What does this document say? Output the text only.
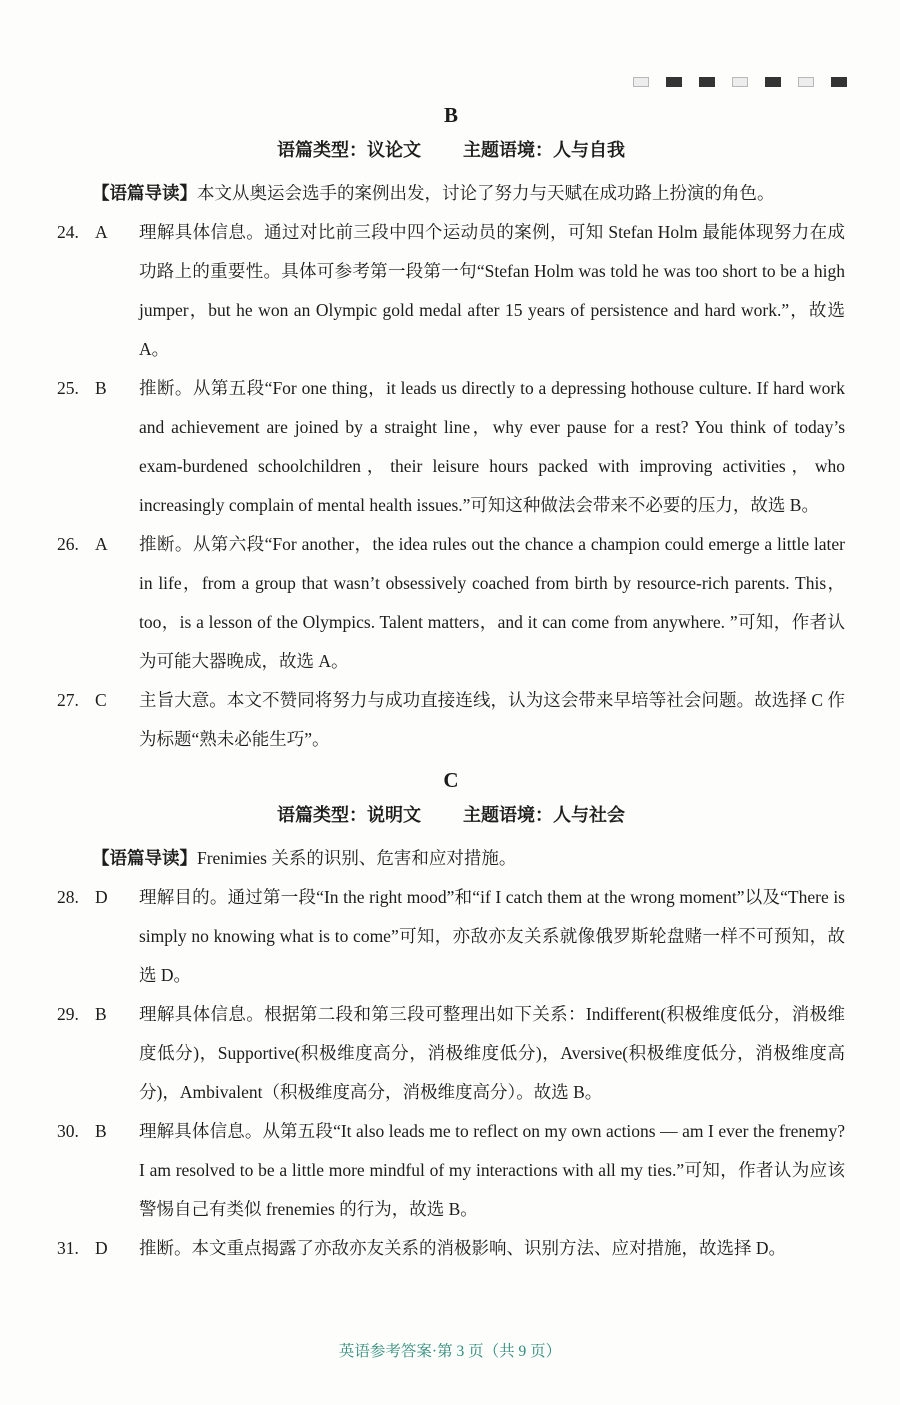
B
语篇类型：议论文 主题语境：人与自我

【语篇导读】本文从奥运会选手的案例出发，讨论了努力与天赋在成功路上扮演的角色。

24. A	理解具体信息。通过对比前三段中四个运动员的案例，可知 Stefan Holm 最能体现努力在成功路上的重要性。具体可参考第一段第一句“Stefan Holm was told he was too short to be a high jumper，but he won an Olympic gold medal after 15 years of persistence and hard work.”，故选 A。
25. B	推断。从第五段“For one thing，it leads us directly to a depressing hothouse culture. If hard work and achievement are joined by a straight line，why ever pause for a rest? You think of today’s exam-burdened schoolchildren，their leisure hours packed with improving activities，who increasingly complain of mental health issues.”可知这种做法会带来不必要的压力，故选 B。
26. A	推断。从第六段“For another，the idea rules out the chance a champion could emerge a little later in life，from a group that wasn’t obsessively coached from birth by resource-rich parents. This，too，is a lesson of the Olympics. Talent matters，and it can come from anywhere. ”可知，作者认为可能大器晚成，故选 A。
27. C	主旨大意。本文不赞同将努力与成功直接连线，认为这会带来早培等社会问题。故选择 C 作为标题“熟未必能生巧”。
C
语篇类型：说明文 主题语境：人与社会

【语篇导读】Frenimies 关系的识别、危害和应对措施。

28. D	理解目的。通过第一段“In the right mood”和“if I catch them at the wrong moment”以及“There is simply no knowing what is to come”可知，亦敌亦友关系就像俄罗斯轮盘赌一样不可预知，故选 D。
29. B	理解具体信息。根据第二段和第三段可整理出如下关系：Indifferent(积极维度低分，消极维度低分)，Supportive(积极维度高分，消极维度低分)，Aversive(积极维度低分，消极维度高分)，Ambivalent（积极维度高分，消极维度高分）。故选 B。
30. B	理解具体信息。从第五段“It also leads me to reflect on my own actions — am I ever the frenemy? I am resolved to be a little more mindful of my interactions with all my ties.”可知，作者认为应该警惕自己有类似 frenemies 的行为，故选 B。
31. D	推断。本文重点揭露了亦敌亦友关系的消极影响、识别方法、应对措施，故选择 D。
英语参考答案·第 3 页（共 9 页）
